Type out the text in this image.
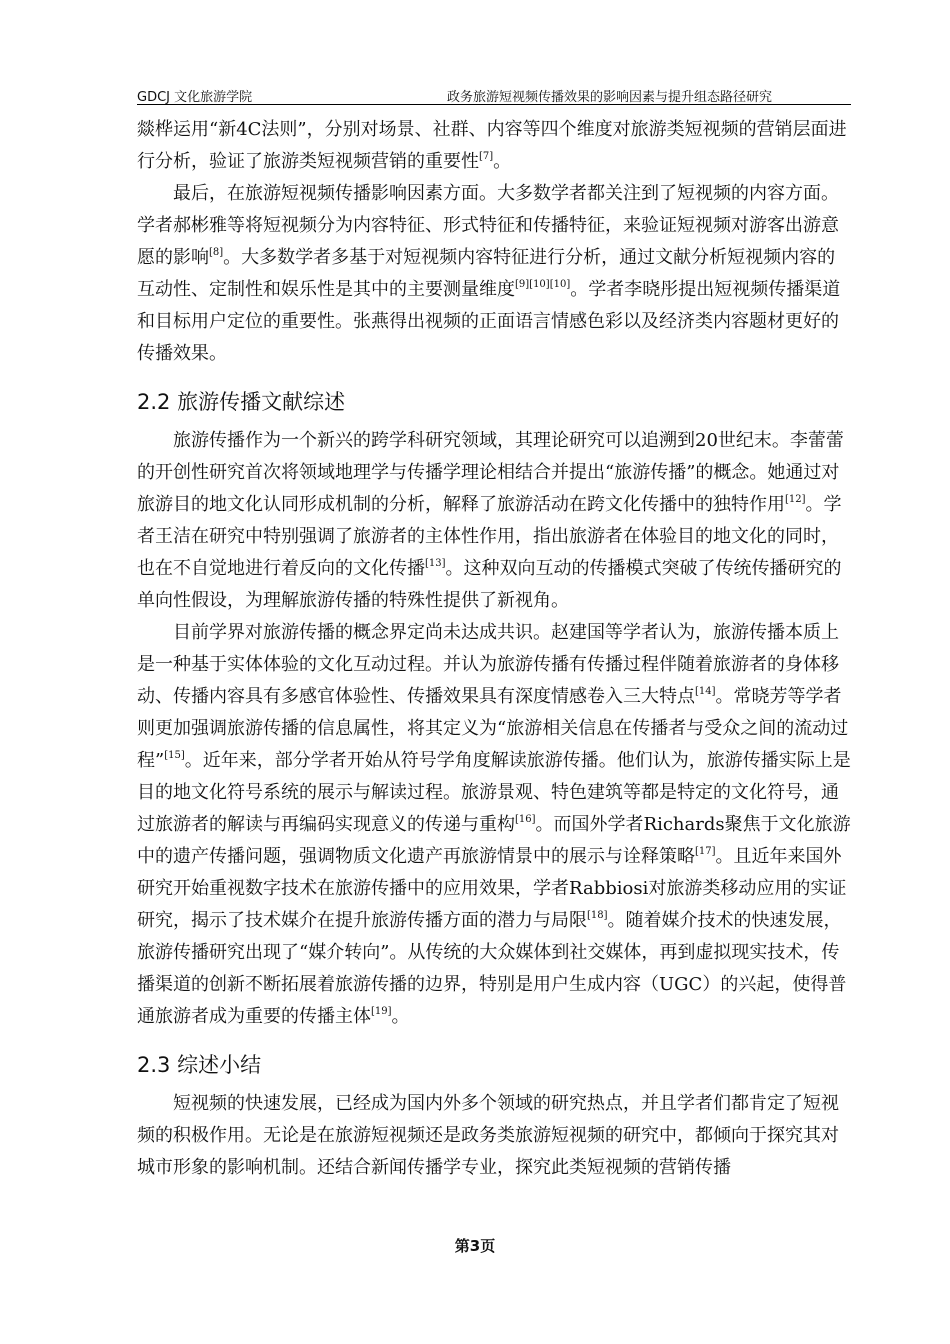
GDCJ 文化旅游学院	政务旅游短视频传播效果的影响因素与提升组态路径研究

燚桦运用“新4C法则”，分别对场景、社群、内容等四个维度对旅游类短视频的营销层面进行分析，验证了旅游类短视频营销的重要性[7]。

最后，在旅游短视频传播影响因素方面。大多数学者都关注到了短视频的内容方面。学者郝彬雅等将短视频分为内容特征、形式特征和传播特征，来验证短视频对游客出游意愿的影响[8]。大多数学者多基于对短视频内容特征进行分析，通过文献分析短视频内容的互动性、定制性和娱乐性是其中的主要测量维度[9][10][10]。学者李晓彤提出短视频传播渠道和目标用户定位的重要性。张燕得出视频的正面语言情感色彩以及经济类内容题材更好的传播效果。

2.2 旅游传播文献综述

旅游传播作为一个新兴的跨学科研究领域，其理论研究可以追溯到20世纪末。李蕾蕾的开创性研究首次将领域地理学与传播学理论相结合并提出“旅游传播”的概念。她通过对旅游目的地文化认同形成机制的分析，解释了旅游活动在跨文化传播中的独特作用[12]。学者王洁在研究中特别强调了旅游者的主体性作用，指出旅游者在体验目的地文化的同时，也在不自觉地进行着反向的文化传播[13]。这种双向互动的传播模式突破了传统传播研究的单向性假设，为理解旅游传播的特殊性提供了新视角。

目前学界对旅游传播的概念界定尚未达成共识。赵建国等学者认为，旅游传播本质上是一种基于实体体验的文化互动过程。并认为旅游传播有传播过程伴随着旅游者的身体移动、传播内容具有多感官体验性、传播效果具有深度情感卷入三大特点[14]。常晓芳等学者则更加强调旅游传播的信息属性，将其定义为“旅游相关信息在传播者与受众之间的流动过程”[15]。近年来，部分学者开始从符号学角度解读旅游传播。他们认为，旅游传播实际上是目的地文化符号系统的展示与解读过程。旅游景观、特色建筑等都是特定的文化符号，通过旅游者的解读与再编码实现意义的传递与重构[16]。而国外学者Richards聚焦于文化旅游中的遗产传播问题，强调物质文化遗产再旅游情景中的展示与诠释策略[17]。且近年来国外研究开始重视数字技术在旅游传播中的应用效果，学者Rabbiosi对旅游类移动应用的实证研究，揭示了技术媒介在提升旅游传播方面的潜力与局限[18]。随着媒介技术的快速发展，旅游传播研究出现了“媒介转向”。从传统的大众媒体到社交媒体，再到虚拟现实技术，传播渠道的创新不断拓展着旅游传播的边界，特别是用户生成内容（UGC）的兴起，使得普通旅游者成为重要的传播主体[19]。

2.3 综述小结

短视频的快速发展，已经成为国内外多个领域的研究热点，并且学者们都肯定了短视频的积极作用。无论是在旅游短视频还是政务类旅游短视频的研究中，都倾向于探究其对城市形象的影响机制。还结合新闻传播学专业，探究此类短视频的营销传播

第3页
